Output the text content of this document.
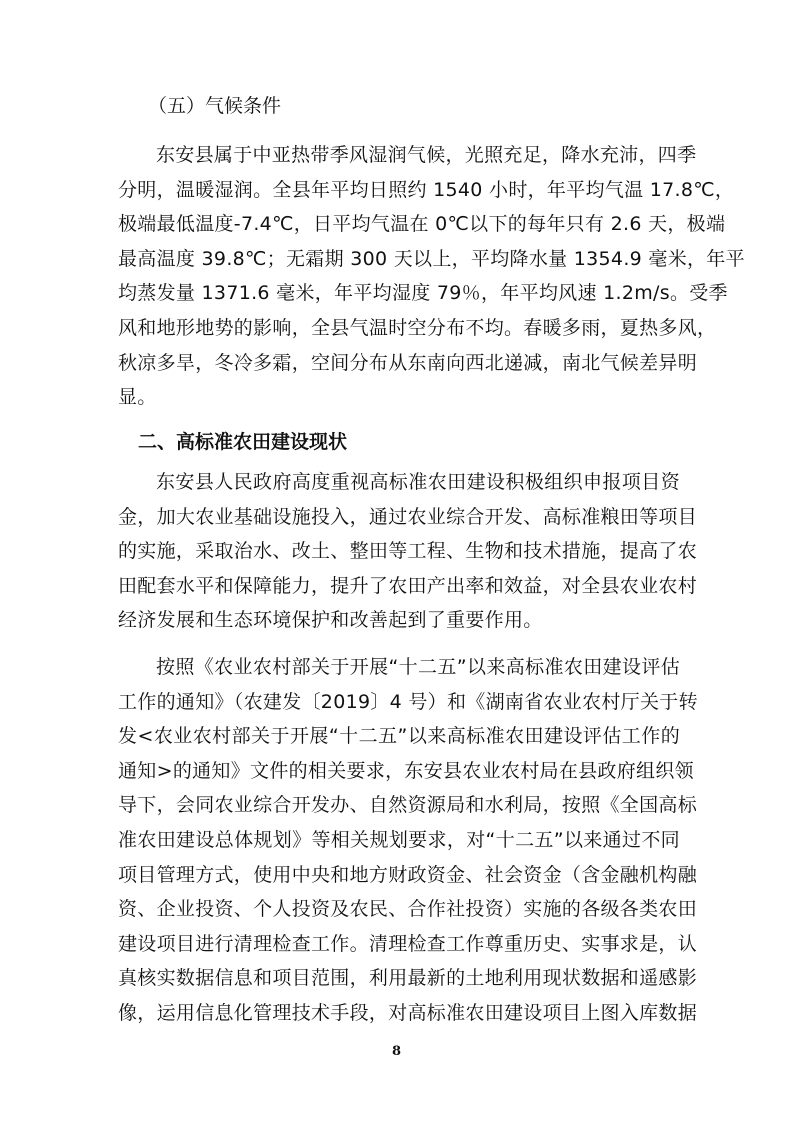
（五）气候条件
东安县属于中亚热带季风湿润气候，光照充足，降水充沛，四季
分明，温暖湿润。全县年平均日照约 1540 小时，年平均气温 17.8℃，
极端最低温度-7.4℃，日平均气温在 0℃以下的每年只有 2.6 天，极端
最高温度 39.8℃；无霜期 300 天以上，平均降水量 1354.9 毫米，年平
均蒸发量 1371.6 毫米，年平均湿度 79％，年平均风速 1.2m/s。受季
风和地形地势的影响，全县气温时空分布不均。春暖多雨，夏热多风，
秋凉多旱，冬冷多霜，空间分布从东南向西北递减，南北气候差异明
显。
二、高标准农田建设现状
东安县人民政府高度重视高标准农田建设积极组织申报项目资
金，加大农业基础设施投入，通过农业综合开发、高标准粮田等项目
的实施，采取治水、改土、整田等工程、生物和技术措施，提高了农
田配套水平和保障能力，提升了农田产出率和效益，对全县农业农村
经济发展和生态环境保护和改善起到了重要作用。
按照《农业农村部关于开展“十二五”以来高标准农田建设评估
工作的通知》（农建发〔2019〕4 号）和《湖南省农业农村厅关于转
发<农业农村部关于开展“十二五”以来高标准农田建设评估工作的
通知>的通知》文件的相关要求，东安县农业农村局在县政府组织领
导下，会同农业综合开发办、自然资源局和水利局，按照《全国高标
准农田建设总体规划》等相关规划要求，对“十二五”以来通过不同
项目管理方式，使用中央和地方财政资金、社会资金（含金融机构融
资、企业投资、个人投资及农民、合作社投资）实施的各级各类农田
建设项目进行清理检查工作。清理检查工作尊重历史、实事求是，认
真核实数据信息和项目范围，利用最新的土地利用现状数据和遥感影
像，运用信息化管理技术手段，对高标准农田建设项目上图入库数据
8
